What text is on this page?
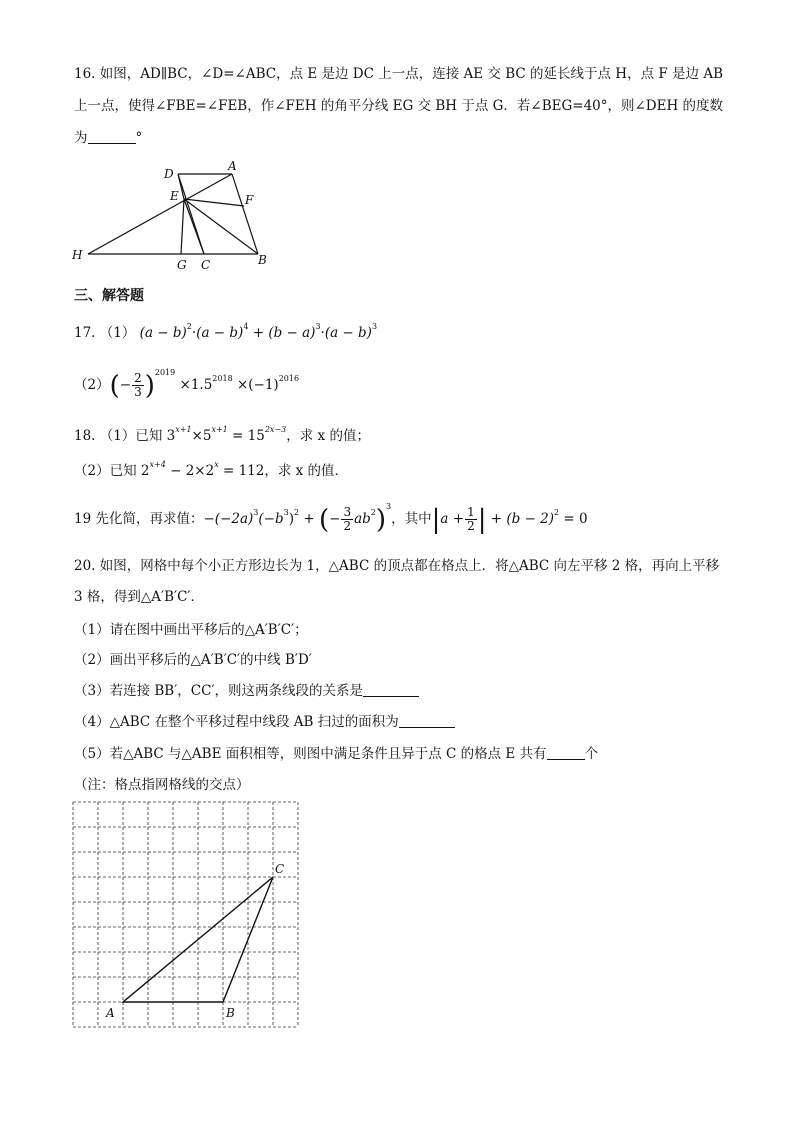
16. 如图，AD∥BC，∠D=∠ABC，点 E 是边 DC 上一点，连接 AE 交 BC 的延长线于点 H，点 F 是边 AB
上一点，使得∠FBE=∠FEB，作∠FEH 的角平分线 EG 交 BH 于点 G．若∠BEG=40°，则∠DEH 的度数
为	°
D
A
E	F
H
G C	B
三、解答题
17. （1） $(a - b)^2\cdot(a - b)^4 + (b - a)^3\cdot(a - b)^3$
$(2)(- \frac{2}{3} )^{2019} \times 1.5^{2018} \times(-1)^{2016}$
18. （1）已知 $3^{x+1}\times 5^{x+1} = 15^{2x-3}$，求 x 的值；
（2）已知 $2^{x+4} - 2\times 2^x = 112$，求 x 的值．
19 先化简，再求值：$-(-2a)^3(-b^3)^2$ + (− $\frac{3}{2} ab^2)^3$，其中$|a + \frac{1}{2}$ | + $(b - 2)^2 = 0$
20. 如图，网格中每个小正方形边长为 1，△ABC 的顶点都在格点上．将△ABC 向左平移 2 格，再向上平移
3 格，得到△A′B′C′．
（1）请在图中画出平移后的△A′B′C′；
（2）画出平移后的△A′B′C′的中线 B′D′
（3）若连接 BB′，CC′，则这两条线段的关系是
（4）△ABC 在整个平移过程中线段 AB 扫过的面积为
（5）若△ABC 与△ABE 面积相等，则图中满足条件且异于点 C 的格点 E 共有	个
（注：格点指网格线的交点）
A	B
C
